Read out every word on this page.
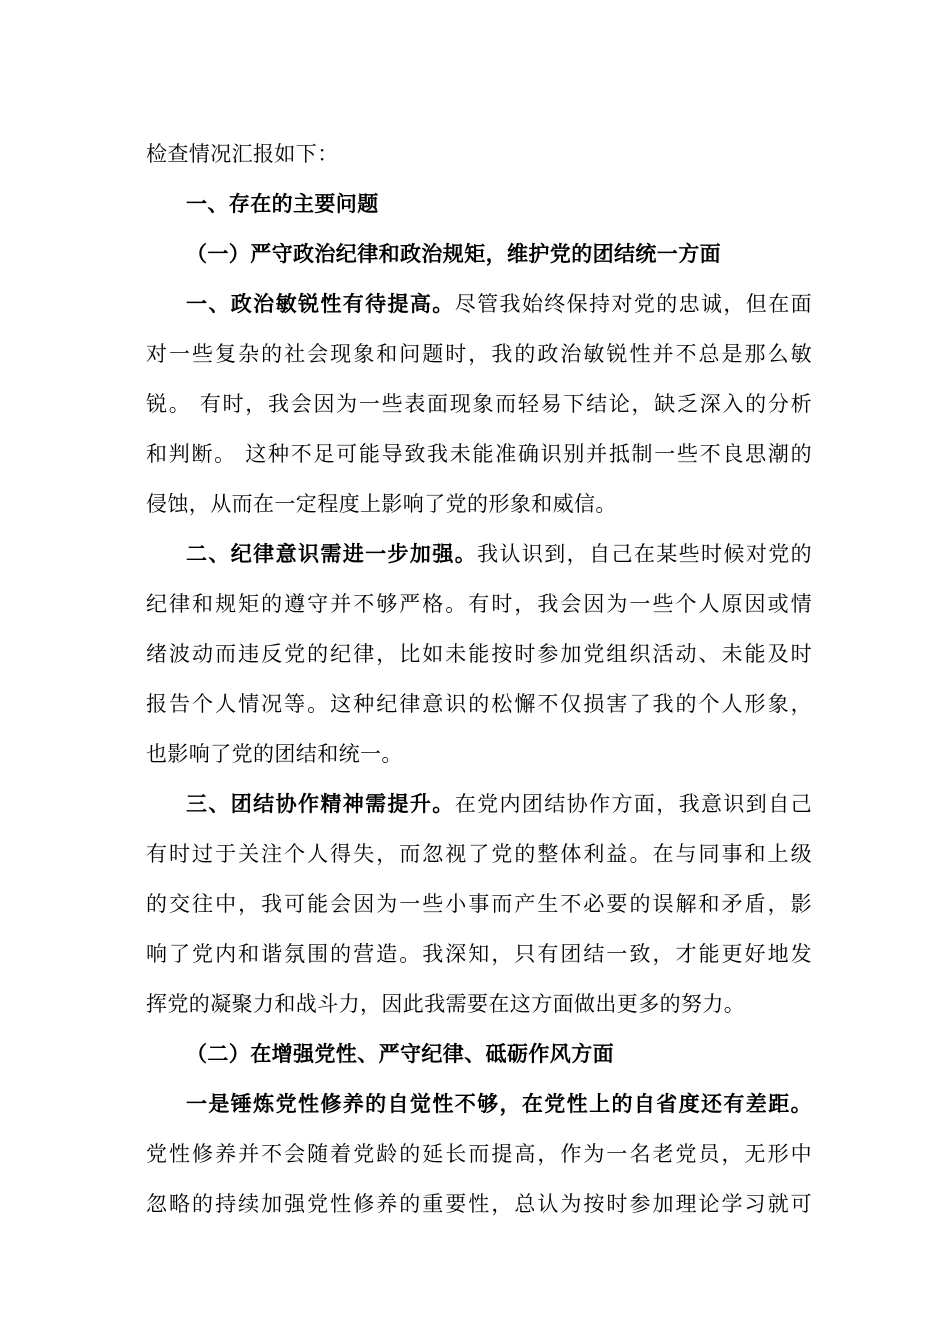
检查情况汇报如下：
一、存在的主要问题
（一）严守政治纪律和政治规矩，维护党的团结统一方面
一、政治敏锐性有待提高。尽管我始终保持对党的忠诚，但在面
对一些复杂的社会现象和问题时，我的政治敏锐性并不总是那么敏
锐。 有时，我会因为一些表面现象而轻易下结论，缺乏深入的分析
和判断。 这种不足可能导致我未能准确识别并抵制一些不良思潮的
侵蚀，从而在一定程度上影响了党的形象和威信。
二、纪律意识需进一步加强。我认识到，自己在某些时候对党的
纪律和规矩的遵守并不够严格。有时，我会因为一些个人原因或情
绪波动而违反党的纪律，比如未能按时参加党组织活动、未能及时
报告个人情况等。这种纪律意识的松懈不仅损害了我的个人形象，
也影响了党的团结和统一。
三、团结协作精神需提升。在党内团结协作方面，我意识到自己
有时过于关注个人得失，而忽视了党的整体利益。在与同事和上级
的交往中，我可能会因为一些小事而产生不必要的误解和矛盾，影
响了党内和谐氛围的营造。我深知，只有团结一致，才能更好地发
挥党的凝聚力和战斗力，因此我需要在这方面做出更多的努力。
（二）在增强党性、严守纪律、砥砺作风方面
一是锤炼党性修养的自觉性不够，在党性上的自省度还有差距。
党性修养并不会随着党龄的延长而提高，作为一名老党员，无形中
忽略的持续加强党性修养的重要性，总认为按时参加理论学习就可
